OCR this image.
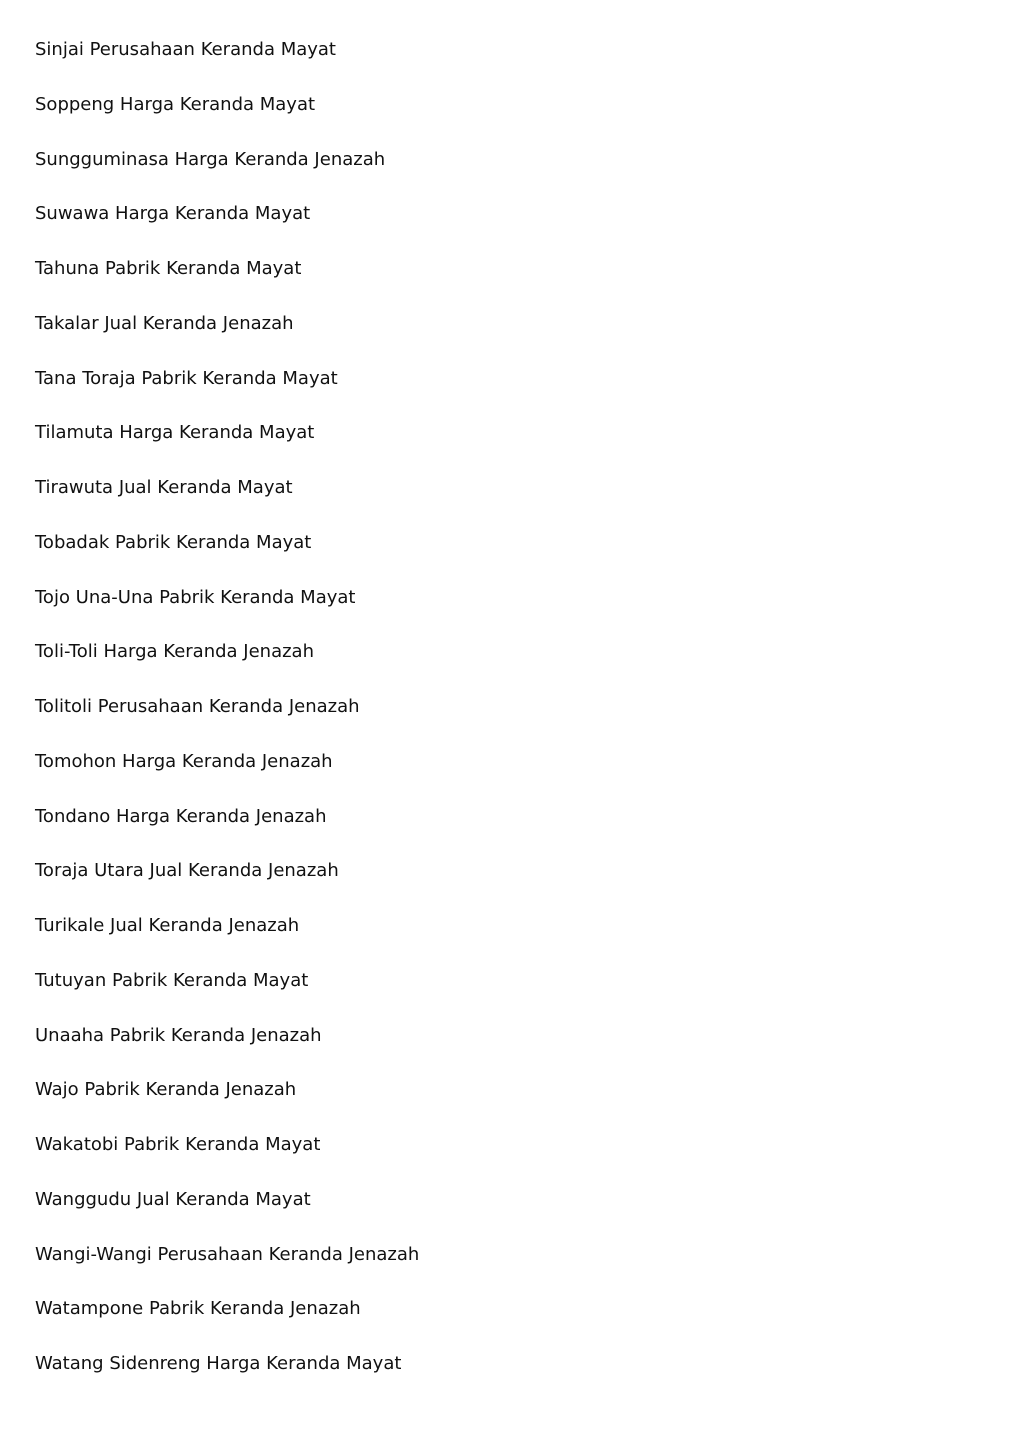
Sinjai Perusahaan Keranda Mayat
Soppeng Harga Keranda Mayat
Sungguminasa Harga Keranda Jenazah
Suwawa Harga Keranda Mayat
Tahuna Pabrik Keranda Mayat
Takalar Jual Keranda Jenazah
Tana Toraja Pabrik Keranda Mayat
Tilamuta Harga Keranda Mayat
Tirawuta Jual Keranda Mayat
Tobadak Pabrik Keranda Mayat
Tojo Una-Una Pabrik Keranda Mayat
Toli-Toli Harga Keranda Jenazah
Tolitoli Perusahaan Keranda Jenazah
Tomohon Harga Keranda Jenazah
Tondano Harga Keranda Jenazah
Toraja Utara Jual Keranda Jenazah
Turikale Jual Keranda Jenazah
Tutuyan Pabrik Keranda Mayat
Unaaha Pabrik Keranda Jenazah
Wajo Pabrik Keranda Jenazah
Wakatobi Pabrik Keranda Mayat
Wanggudu Jual Keranda Mayat
Wangi-Wangi Perusahaan Keranda Jenazah
Watampone Pabrik Keranda Jenazah
Watang Sidenreng Harga Keranda Mayat
